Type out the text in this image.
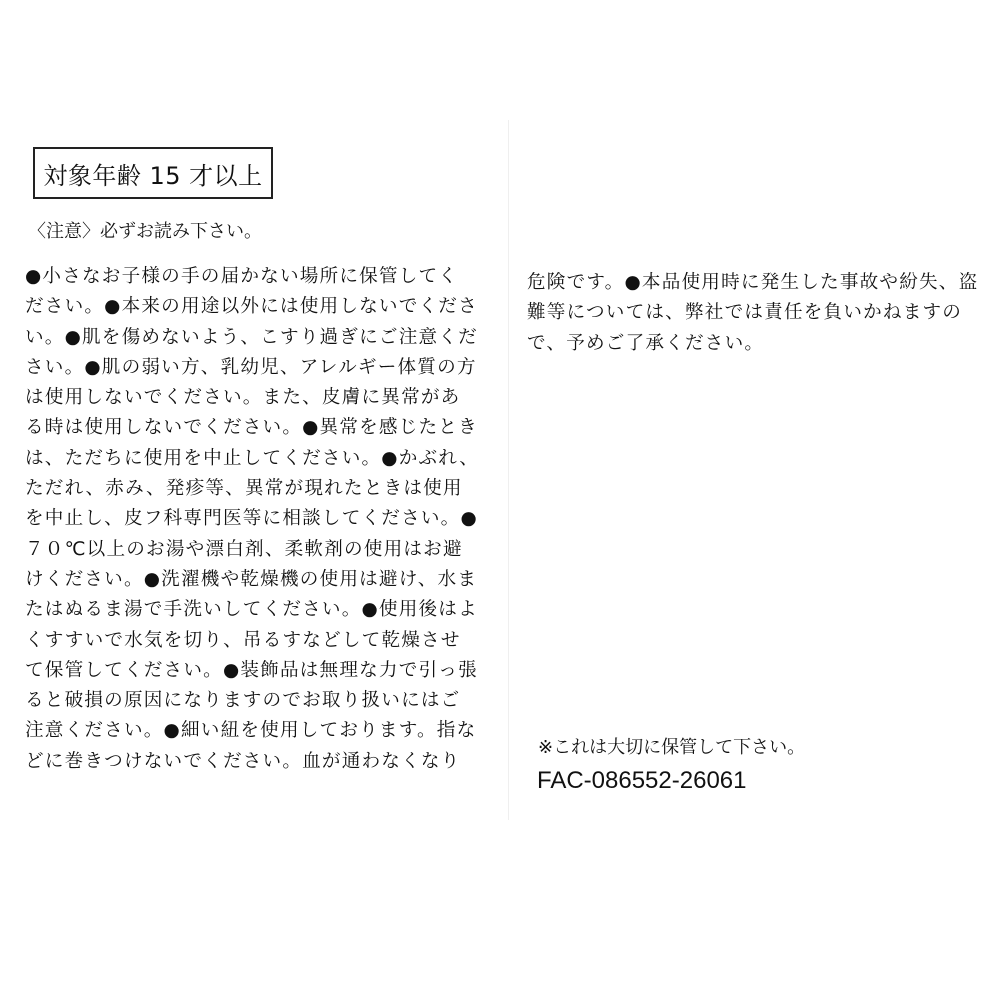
対象年齢 15 才以上
〈注意〉必ずお読み下さい。
●小さなお子様の手の届かない場所に保管してく
ださい。●本来の用途以外には使用しないでくださ
い。●肌を傷めないよう、こすり過ぎにご注意くだ
さい。●肌の弱い方、乳幼児、アレルギー体質の方
は使用しないでください。また、皮膚に異常があ
る時は使用しないでください。●異常を感じたとき
は、ただちに使用を中止してください。●かぶれ、
ただれ、赤み、発疹等、異常が現れたときは使用
を中止し、皮フ科専門医等に相談してください。●
７０℃以上のお湯や漂白剤、柔軟剤の使用はお避
けください。●洗濯機や乾燥機の使用は避け、水ま
たはぬるま湯で手洗いしてください。●使用後はよ
くすすいで水気を切り、吊るすなどして乾燥させ
て保管してください。●装飾品は無理な力で引っ張
ると破損の原因になりますのでお取り扱いにはご
注意ください。●細い紐を使用しております。指な
どに巻きつけないでください。血が通わなくなり
危険です。●本品使用時に発生した事故や紛失、盗
難等については、弊社では責任を負いかねますの
で、予めご了承ください。
※これは大切に保管して下さい。
FAC-086552-26061
